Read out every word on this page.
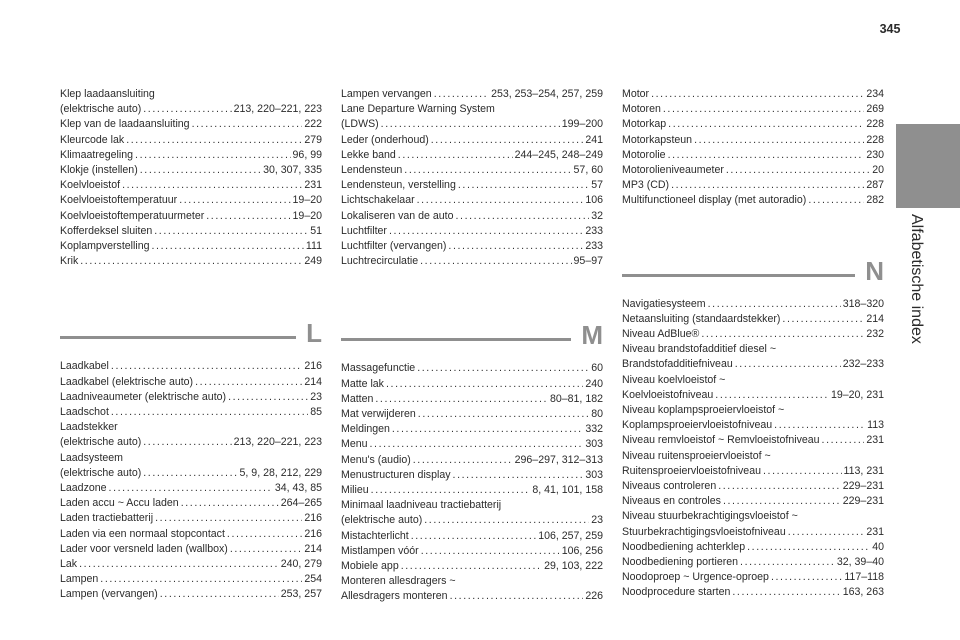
345
Alfabetische index
Klep laadaansluiting
(elektrische auto) .....	213, 220–221, 223
Klep van de laadaansluiting .....	222
Kleurcode lak .....	279
Klimaatregeling .....	96, 99
Klokje (instellen) .....	30, 307, 335
Koelvloeistof .....	231
Koelvloeistoftemperatuur .....	19–20
Koelvloeistoftemperatuurmeter .....	19–20
Kofferdeksel sluiten .....	51
Koplampverstelling .....	111
Krik .....	249
L
Laadkabel .....	216
Laadkabel (elektrische auto) .....	214
Laadniveaumeter (elektrische auto) .....	23
Laadschot .....	85
Laadstekker
(elektrische auto) .....	213, 220–221, 223
Laadsysteem
(elektrische auto) .....	5, 9, 28, 212, 229
Laadzone .....	34, 43, 85
Laden accu ~ Accu laden .....	264–265
Laden tractiebatterij .....	216
Laden via een normaal stopcontact .....	216
Lader voor versneld laden (wallbox) .....	214
Lak .....	240, 279
Lampen .....	254
Lampen (vervangen) .....	253, 257
Lampen vervangen .....	253, 253–254, 257, 259
Lane Departure Warning System
(LDWS) .....	199–200
Leder (onderhoud) .....	241
Lekke band .....	244–245, 248–249
Lendensteun .....	57, 60
Lendensteun, verstelling .....	57
Lichtschakelaar .....	106
Lokaliseren van de auto .....	32
Luchtfilter .....	233
Luchtfilter (vervangen) .....	233
Luchtrecirculatie .....	95–97
M
Massagefunctie .....	60
Matte lak .....	240
Matten .....	80–81, 182
Mat verwijderen .....	80
Meldingen .....	332
Menu .....	303
Menu's (audio) .....	296–297, 312–313
Menustructuren display .....	303
Milieu .....	8, 41, 101, 158
Minimaal laadniveau tractiebatterij
(elektrische auto) .....	23
Mistachterlicht .....	106, 257, 259
Mistlampen vóór .....	106, 256
Mobiele app .....	29, 103, 222
Monteren allesdragers ~
Allesdragers monteren .....	226
Motor .....	234
Motoren .....	269
Motorkap .....	228
Motorkapsteun .....	228
Motorolie .....	230
Motorolieniveaumeter .....	20
MP3 (CD) .....	287
Multifunctioneel display (met autoradio) .....	282
N
Navigatiesysteem .....	318–320
Netaansluiting (standaardstekker) .....	214
Niveau AdBlue® .....	232
Niveau brandstofadditief diesel ~
Brandstofadditiefniveau .....	232–233
Niveau koelvloeistof ~
Koelvloeistofniveau .....	19–20, 231
Niveau koplampsproeiervloeistof ~
Koplampsproeiervloeistofniveau .....	113
Niveau remvloeistof ~ Remvloeistofniveau .....	231
Niveau ruitensproeiervloeistof ~
Ruitensproeiervloeistofniveau .....	113, 231
Niveaus controleren .....	229–231
Niveaus en controles .....	229–231
Niveau stuurbekrachtigingsvloeistof ~
Stuurbekrachtigingsvloeistofniveau .....	231
Noodbediening achterklep .....	40
Noodbediening portieren .....	32, 39–40
Noodoproep ~ Urgence-oproep .....	117–118
Noodprocedure starten .....	163, 263
